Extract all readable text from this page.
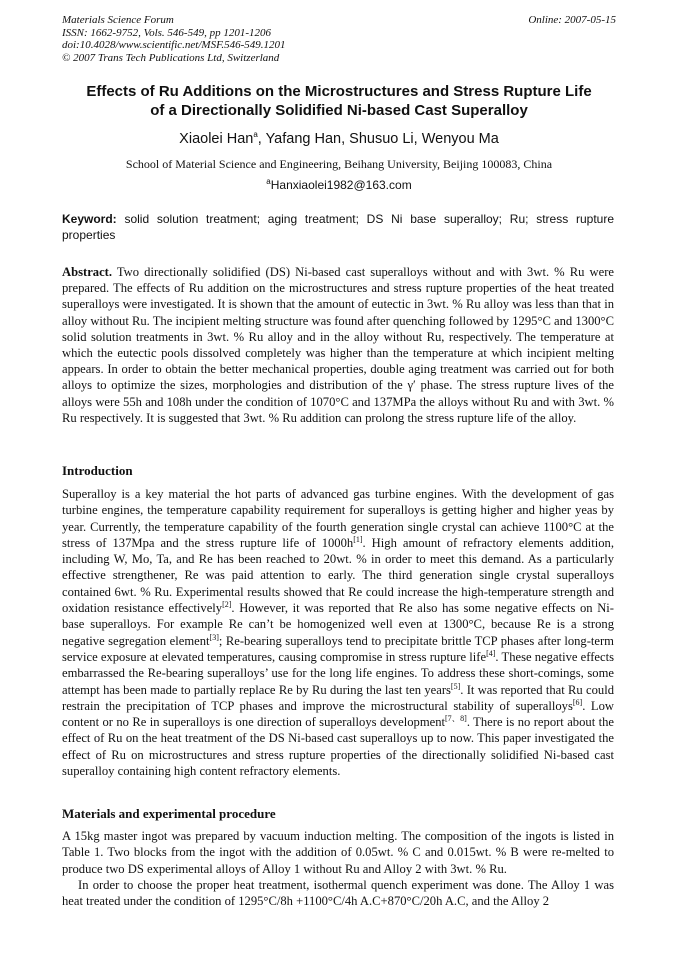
Materials Science Forum
ISSN: 1662-9752, Vols. 546-549, pp 1201-1206
doi:10.4028/www.scientific.net/MSF.546-549.1201
© 2007 Trans Tech Publications Ltd, Switzerland
Online: 2007-05-15
Effects of Ru Additions on the Microstructures and Stress Rupture Life
of a Directionally Solidified Ni-based Cast Superalloy
Xiaolei Han$^a$, Yafang Han, Shusuo Li, Wenyou Ma
School of Material Science and Engineering, Beihang University, Beijing 100083, China
$^a$Hanxiaolei1982@163.com
Keyword: solid solution treatment; aging treatment; DS Ni base superalloy; Ru; stress rupture properties
Abstract. Two directionally solidified (DS) Ni-based cast superalloys without and with 3wt. % Ru were prepared. The effects of Ru addition on the microstructures and stress rupture properties of the heat treated superalloys were investigated. It is shown that the amount of eutectic in 3wt. % Ru alloy was less than that in alloy without Ru. The incipient melting structure was found after quenching followed by 1295°C and 1300°C solid solution treatments in 3wt. % Ru alloy and in the alloy without Ru, respectively. The temperature at which the eutectic pools dissolved completely was higher than the temperature at which incipient melting appears. In order to obtain the better mechanical properties, double aging treatment was carried out for both alloys to optimize the sizes, morphologies and distribution of the γ′ phase. The stress rupture lives of the alloys were 55h and 108h under the condition of 1070°C and 137MPa the alloys without Ru and with 3wt. % Ru respectively. It is suggested that 3wt. % Ru addition can prolong the stress rupture life of the alloy.
Introduction
Superalloy is a key material the hot parts of advanced gas turbine engines. With the development of gas turbine engines, the temperature capability requirement for superalloys is getting higher and higher yeas by year. Currently, the temperature capability of the fourth generation single crystal can achieve 1100°C at the stress of 137Mpa and the stress rupture life of 1000h[1]. High amount of refractory elements addition, including W, Mo, Ta, and Re has been reached to 20wt. % in order to meet this demand. As a particularly effective strengthener, Re was paid attention to early. The third generation single crystal superalloys contained 6wt. % Ru. Experimental results showed that Re could increase the high-temperature strength and oxidation resistance effectively[2]. However, it was reported that Re also has some negative effects on Ni-base superalloys. For example Re can’t be homogenized well even at 1300°C, because Re is a strong negative segregation element[3]; Re-bearing superalloys tend to precipitate brittle TCP phases after long-term service exposure at elevated temperatures, causing compromise in stress rupture life[4]. These negative effects embarrassed the Re-bearing superalloys’ use for the long life engines. To address these short-comings, some attempt has been made to partially replace Re by Ru during the last ten years[5]. It was reported that Ru could restrain the precipitation of TCP phases and improve the microstructural stability of superalloys[6]. Low content or no Re in superalloys is one direction of superalloys development[7、8]. There is no report about the effect of Ru on the heat treatment of the DS Ni-based cast superalloys up to now. This paper investigated the effect of Ru on microstructures and stress rupture properties of the directionally solidified Ni-based cast superalloy containing high content refractory elements.
Materials and experimental procedure

A 15kg master ingot was prepared by vacuum induction melting. The composition of the ingots is listed in Table 1. Two blocks from the ingot with the addition of 0.05wt. % C and 0.015wt. % B were re-melted to produce two DS experimental alloys of Alloy 1 without Ru and Alloy 2 with 3wt. % Ru.

In order to choose the proper heat treatment, isothermal quench experiment was done. The Alloy 1 was heat treated under the condition of 1295°C/8h +1100°C/4h A.C+870°C/20h A.C, and the Alloy 2
